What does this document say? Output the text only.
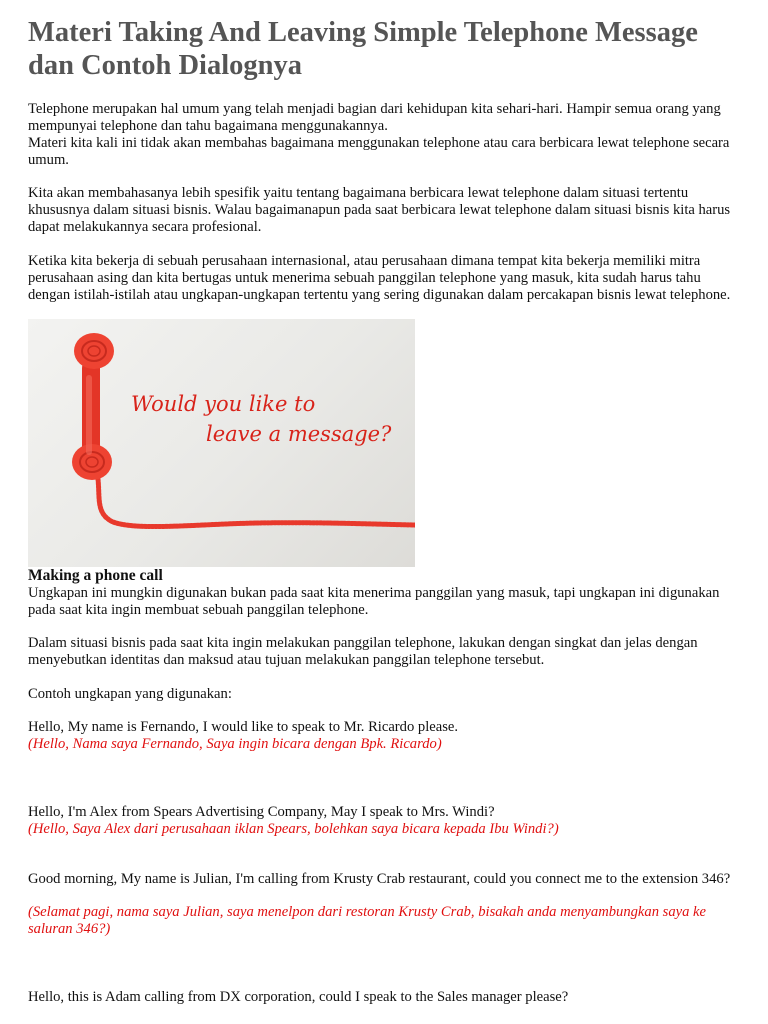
Materi Taking And Leaving Simple Telephone Message dan Contoh Dialognya

Telephone merupakan hal umum yang telah menjadi bagian dari kehidupan kita sehari-hari. Hampir semua orang yang mempunyai telephone dan tahu bagaimana menggunakannya.

Materi kita kali ini tidak akan membahas bagaimana menggunakan telephone atau cara berbicara lewat telephone secara umum.

Kita akan membahasanya lebih spesifik yaitu tentang bagaimana berbicara lewat telephone dalam situasi tertentu khususnya dalam situasi bisnis. Walau bagaimanapun pada saat berbicara lewat telephone dalam situasi bisnis kita harus dapat melakukannya secara profesional.

Ketika kita bekerja di sebuah perusahaan internasional, atau perusahaan dimana tempat kita bekerja memiliki mitra perusahaan asing dan kita bertugas untuk menerima sebuah panggilan telephone yang masuk, kita sudah harus tahu dengan istilah-istilah atau ungkapan-ungkapan tertentu yang sering digunakan dalam percakapan bisnis lewat telephone.

Would you like to
leave a message?
Making a phone call

Ungkapan ini mungkin digunakan bukan pada saat kita menerima panggilan yang masuk, tapi ungkapan ini digunakan pada saat kita ingin membuat sebuah panggilan telephone.

Dalam situasi bisnis pada saat kita ingin melakukan panggilan telephone, lakukan dengan singkat dan jelas dengan menyebutkan identitas dan maksud atau tujuan melakukan panggilan telephone tersebut.

Contoh ungkapan yang digunakan:

Hello, My name is Fernando, I would like to speak to Mr. Ricardo please.

(Hello, Nama saya Fernando, Saya ingin bicara dengan Bpk. Ricardo)

Hello, I'm Alex from Spears Advertising Company, May I speak to Mrs. Windi?

(Hello, Saya Alex dari perusahaan iklan Spears, bolehkan saya bicara kepada Ibu Windi?)

Good morning, My name is Julian, I'm calling from Krusty Crab restaurant, could you connect me to the extension 346?

(Selamat pagi, nama saya Julian, saya menelpon dari restoran Krusty Crab, bisakah anda menyambungkan saya ke saluran 346?)

Hello, this is Adam calling from DX corporation, could I speak to the Sales manager please?
